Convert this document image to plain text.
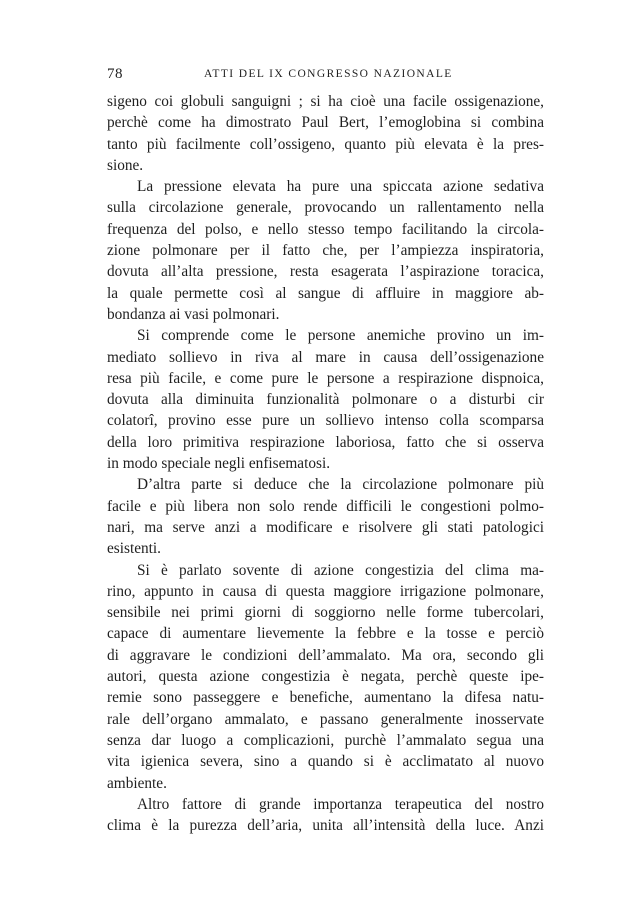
78	ATTI DEL IX CONGRESSO NAZIONALE
sigeno coi globuli sanguigni ; si ha cioè una facile ossigenazione,
perchè come ha dimostrato Paul Bert, l’emoglobina si combina
tanto più facilmente coll’ossigeno, quanto più elevata è la pres-
sione.
La pressione elevata ha pure una spiccata azione sedativa
sulla circolazione generale, provocando un rallentamento nella
frequenza del polso, e nello stesso tempo facilitando la circola-
zione polmonare per il fatto che, per l’ampiezza inspiratoria,
dovuta all’alta pressione, resta esagerata l’aspirazione toracica,
la quale permette così al sangue di affluire in maggiore ab-
bondanza ai vasi polmonari.
Si comprende come le persone anemiche provino un im-
mediato sollievo in riva al mare in causa dell’ossigenazione
resa più facile, e come pure le persone a respirazione dispnoica,
dovuta alla diminuita funzionalità polmonare o a disturbi cir
colatorî, provino esse pure un sollievo intenso colla scomparsa
della loro primitiva respirazione laboriosa, fatto che si osserva
in modo speciale negli enfisematosi.
D’altra parte si deduce che la circolazione polmonare più
facile e più libera non solo rende difficili le congestioni polmo-
nari, ma serve anzi a modificare e risolvere gli stati patologici
esistenti.
Si è parlato sovente di azione congestizia del clima ma-
rino, appunto in causa di questa maggiore irrigazione polmonare,
sensibile nei primi giorni di soggiorno nelle forme tubercolari,
capace di aumentare lievemente la febbre e la tosse e perciò
di aggravare le condizioni dell’ammalato. Ma ora, secondo gli
autori, questa azione congestizia è negata, perchè queste ipe-
remie sono passeggere e benefiche, aumentano la difesa natu-
rale dell’organo ammalato, e passano generalmente inosservate
senza dar luogo a complicazioni, purchè l’ammalato segua una
vita igienica severa, sino a quando si è acclimatato al nuovo
ambiente.
Altro fattore di grande importanza terapeutica del nostro
clima è la purezza dell’aria, unita all’intensità della luce. Anzi
